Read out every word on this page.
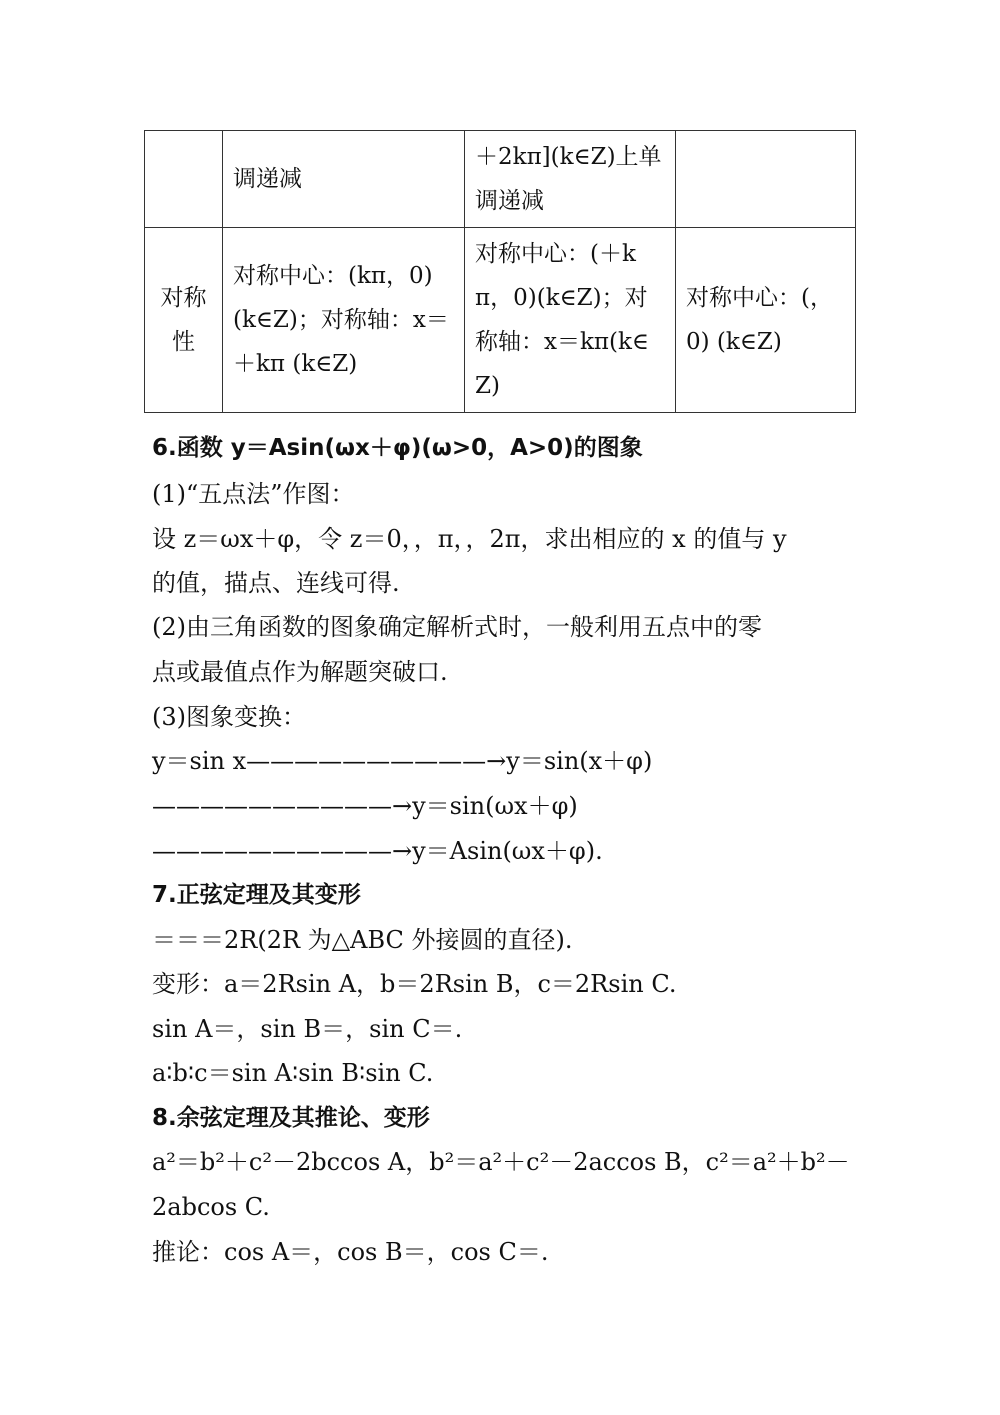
	调递减	＋2kπ](k∈Z)上单调递减	
对称性	对称中心：(kπ，0)(k∈Z)；对称轴：x＝＋kπ (k∈Z)	对称中心：(＋kπ，0)(k∈Z)；对称轴：x＝kπ(k∈Z)	对称中心：(，0) (k∈Z)
6.函数 y＝Asin(ωx＋φ)(ω>0，A>0)的图象
(1)“五点法”作图：
设 z＝ωx＋φ，令 z＝0，，π，，2π，求出相应的 x 的值与 y
的值，描点、连线可得.
(2)由三角函数的图象确定解析式时，一般利用五点中的零
点或最值点作为解题突破口.
(3)图象变换：
y＝sin x——————————→y＝sin(x＋φ)
——————————→y＝sin(ωx＋φ)
——————————→y＝Asin(ωx＋φ).
7.正弦定理及其变形
＝＝＝2R(2R 为△ABC 外接圆的直径).
变形：a＝2Rsin A，b＝2Rsin B，c＝2Rsin C.
sin A＝，sin B＝，sin C＝.
a∶b∶c＝sin A∶sin B∶sin C.
8.余弦定理及其推论、变形
a²＝b²＋c²－2bccos A，b²＝a²＋c²－2accos B，c²＝a²＋b²－
2abcos C.
推论：cos A＝，cos B＝，cos C＝.
